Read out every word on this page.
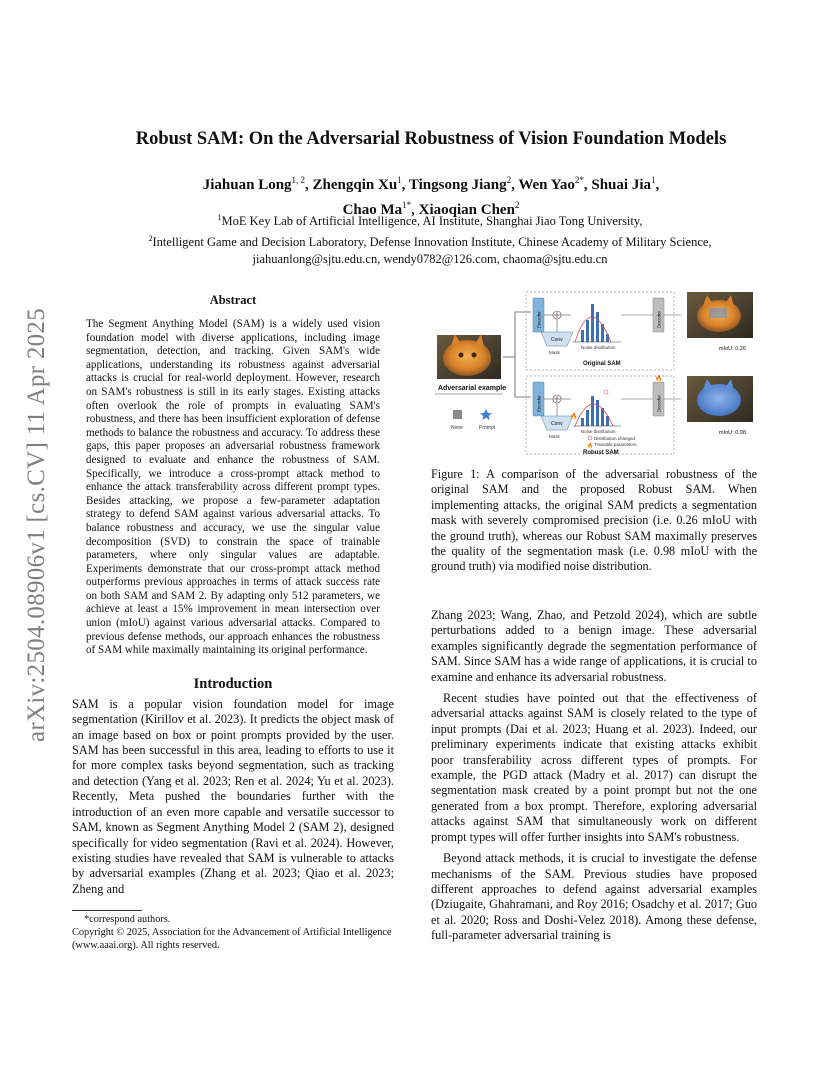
arXiv:2504.08906v1 [cs.CV] 11 Apr 2025
Robust SAM: On the Adversarial Robustness of Vision Foundation Models
Jiahuan Long$^{1, 2}$, Zhengqin Xu$^1$, Tingsong Jiang$^2$, Wen Yao$^{2*}$, Shuai Jia$^1$,
Chao $Ma^{1*}$, Xiaoqian Chen$^2$
$^1$MoE Key Lab of Artificial Intelligence, AI Institute, Shanghai Jiao Tong University,
$^2$Intelligent Game and Decision Laboratory, Defense Innovation Institute, Chinese Academy of Military Science,
jiahuanlong@sjtu.edu.cn, wendy0782@126.com, chaoma@sjtu.edu.cn
Abstract
The Segment Anything Model (SAM) is a widely used vision foundation model with diverse applications, including image segmentation, detection, and tracking. Given SAM's wide applications, understanding its robustness against adversarial attacks is crucial for real-world deployment. However, research on SAM's robustness is still in its early stages. Existing attacks often overlook the role of prompts in evaluating SAM's robustness, and there has been insufficient exploration of defense methods to balance the robustness and accuracy. To address these gaps, this paper proposes an adversarial robustness framework designed to evaluate and enhance the robustness of SAM. Specifically, we introduce a cross-prompt attack method to enhance the attack transferability across different prompt types. Besides attacking, we propose a few-parameter adaptation strategy to defend SAM against various adversarial attacks. To balance robustness and accuracy, we use the singular value decomposition (SVD) to constrain the space of trainable parameters, where only singular values are adaptable. Experiments demonstrate that our cross-prompt attack method outperforms previous approaches in terms of attack success rate on both SAM and SAM 2. By adapting only 512 parameters, we achieve at least a 15% improvement in mean intersection over union (mIoU) against various adversarial attacks. Compared to previous defense methods, our approach enhances the robustness of SAM while maximally maintaining its original performance.
Introduction

SAM is a popular vision foundation model for image segmentation (Kirillov et al. 2023). It predicts the object mask of an image based on box or point prompts provided by the user. SAM has been successful in this area, leading to efforts to use it for more complex tasks beyond segmentation, such as tracking and detection (Yang et al. 2023; Ren et al. 2024; Yu et al. 2023). Recently, Meta pushed the boundaries further with the introduction of an even more capable and versatile successor to SAM, known as Segment Anything Model 2 (SAM 2), designed specifically for video segmentation (Ravi et al. 2024). However, existing studies have revealed that SAM is vulnerable to attacks by adversarial examples (Zhang et al. 2023; Qiao et al. 2023; Zheng and

*correspond authors.
Copyright © 2025, Association for the Advancement of Artificial Intelligence (www.aaai.org). All rights reserved.
Adversarial example
None	Prompt
Encoder
Conv
Mask
Noise distribution
Original SAM
Decoder
mIoU: 0.26
Encoder
Conv
🔥
Mask
Noise distribution
Distribution changed
🔥 Trainable parameters
Robust SAM
Decoder
🔥
mIoU: 0.98
Figure 1: A comparison of the adversarial robustness of the original SAM and the proposed Robust SAM. When implementing attacks, the original SAM predicts a segmentation mask with severely compromised precision (i.e. 0.26 mIoU with the ground truth), whereas our Robust SAM maximally preserves the quality of the segmentation mask (i.e. 0.98 mIoU with the ground truth) via modified noise distribution.

Zhang 2023; Wang, Zhao, and Petzold 2024), which are subtle perturbations added to a benign image. These adversarial examples significantly degrade the segmentation performance of SAM. Since SAM has a wide range of applications, it is crucial to examine and enhance its adversarial robustness.

Recent studies have pointed out that the effectiveness of adversarial attacks against SAM is closely related to the type of input prompts (Dai et al. 2023; Huang et al. 2023). Indeed, our preliminary experiments indicate that existing attacks exhibit poor transferability across different types of prompts. For example, the PGD attack (Madry et al. 2017) can disrupt the segmentation mask created by a point prompt but not the one generated from a box prompt. Therefore, exploring adversarial attacks against SAM that simultaneously work on different prompt types will offer further insights into SAM's robustness.

Beyond attack methods, it is crucial to investigate the defense mechanisms of the SAM. Previous studies have proposed different approaches to defend against adversarial examples (Dziugaite, Ghahramani, and Roy 2016; Osadchy et al. 2017; Guo et al. 2020; Ross and Doshi-Velez 2018). Among these defense, full-parameter adversarial training is
